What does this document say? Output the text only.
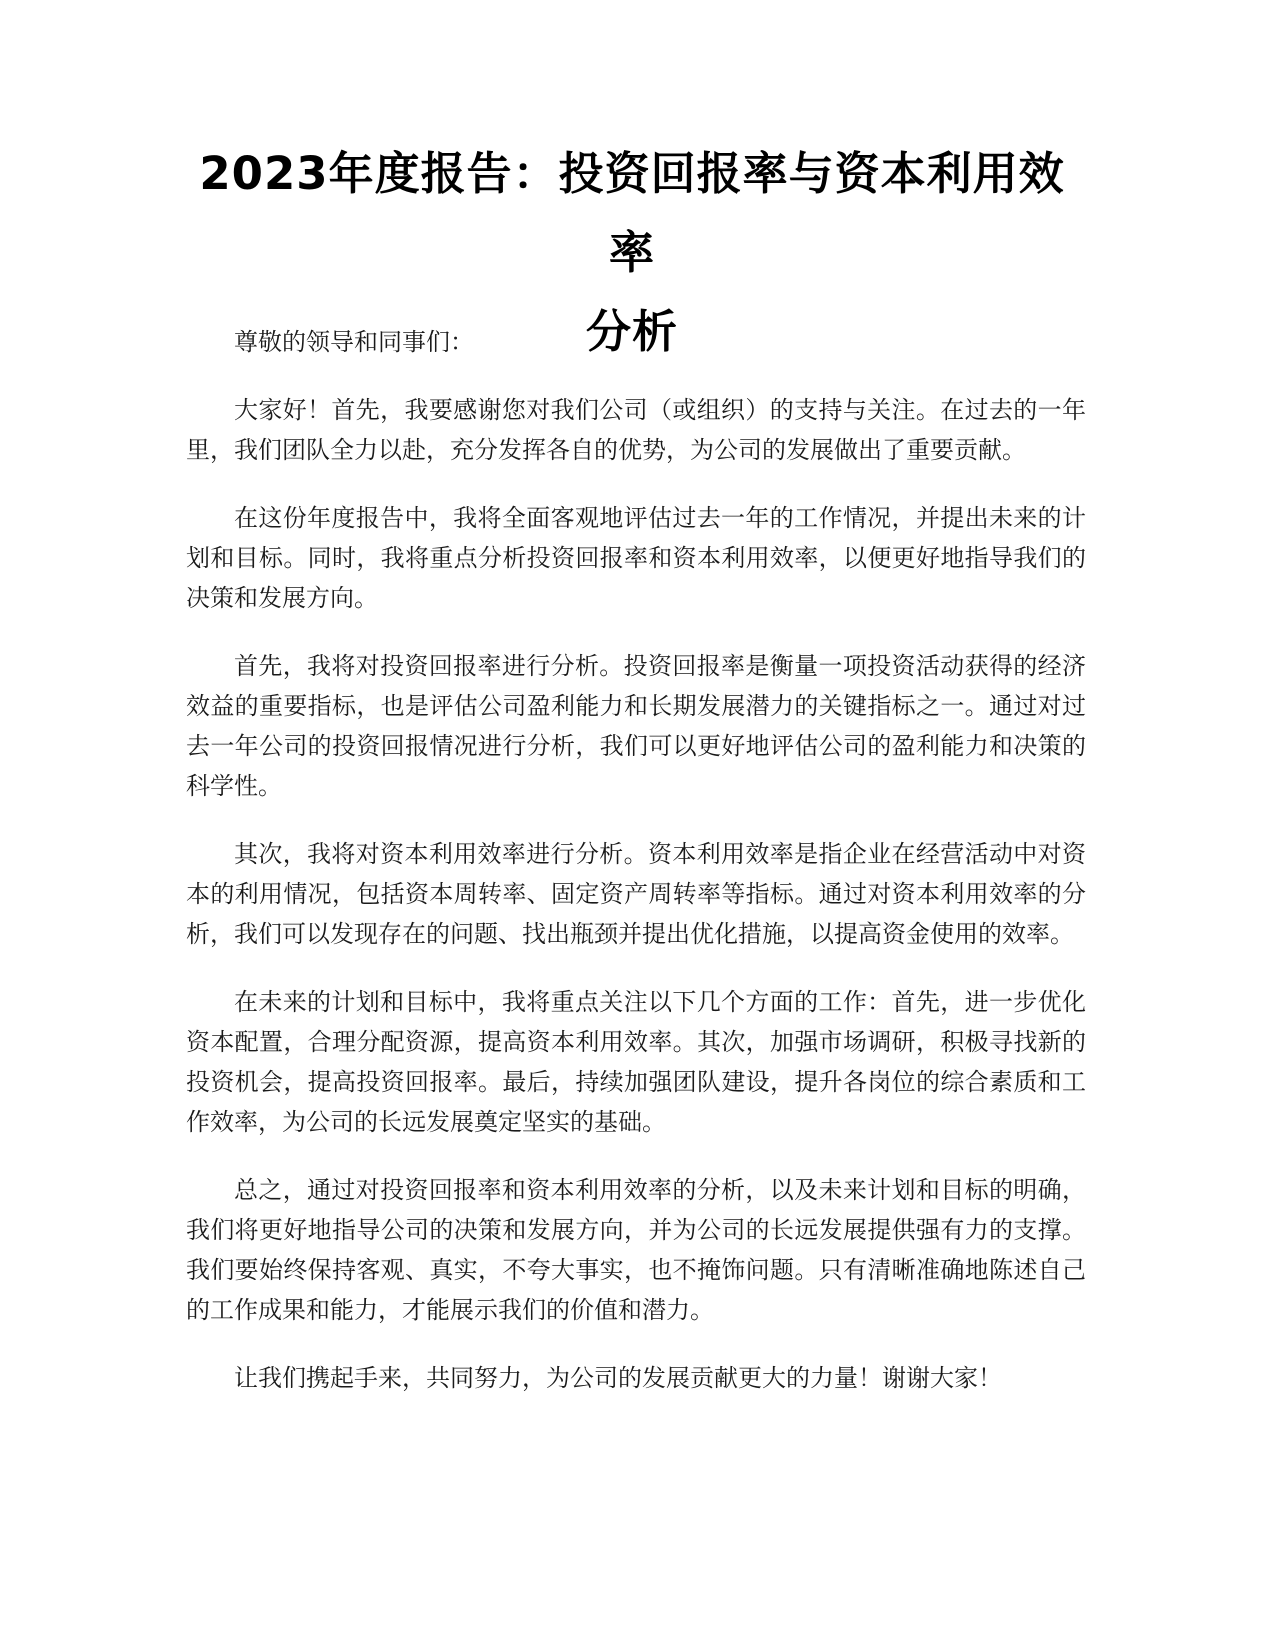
2023年度报告：投资回报率与资本利用效率
分析

尊敬的领导和同事们：

大家好！首先，我要感谢您对我们公司（或组织）的支持与关注。在过去的一年里，我们团队全力以赴，充分发挥各自的优势，为公司的发展做出了重要贡献。

在这份年度报告中，我将全面客观地评估过去一年的工作情况，并提出未来的计划和目标。同时，我将重点分析投资回报率和资本利用效率，以便更好地指导我们的决策和发展方向。

首先，我将对投资回报率进行分析。投资回报率是衡量一项投资活动获得的经济效益的重要指标，也是评估公司盈利能力和长期发展潜力的关键指标之一。通过对过去一年公司的投资回报情况进行分析，我们可以更好地评估公司的盈利能力和决策的科学性。

其次，我将对资本利用效率进行分析。资本利用效率是指企业在经营活动中对资本的利用情况，包括资本周转率、固定资产周转率等指标。通过对资本利用效率的分析，我们可以发现存在的问题、找出瓶颈并提出优化措施，以提高资金使用的效率。

在未来的计划和目标中，我将重点关注以下几个方面的工作：首先，进一步优化资本配置，合理分配资源，提高资本利用效率。其次，加强市场调研，积极寻找新的投资机会，提高投资回报率。最后，持续加强团队建设，提升各岗位的综合素质和工作效率，为公司的长远发展奠定坚实的基础。

总之，通过对投资回报率和资本利用效率的分析，以及未来计划和目标的明确，我们将更好地指导公司的决策和发展方向，并为公司的长远发展提供强有力的支撑。我们要始终保持客观、真实，不夸大事实，也不掩饰问题。只有清晰准确地陈述自己的工作成果和能力，才能展示我们的价值和潜力。

让我们携起手来，共同努力，为公司的发展贡献更大的力量！谢谢大家！
